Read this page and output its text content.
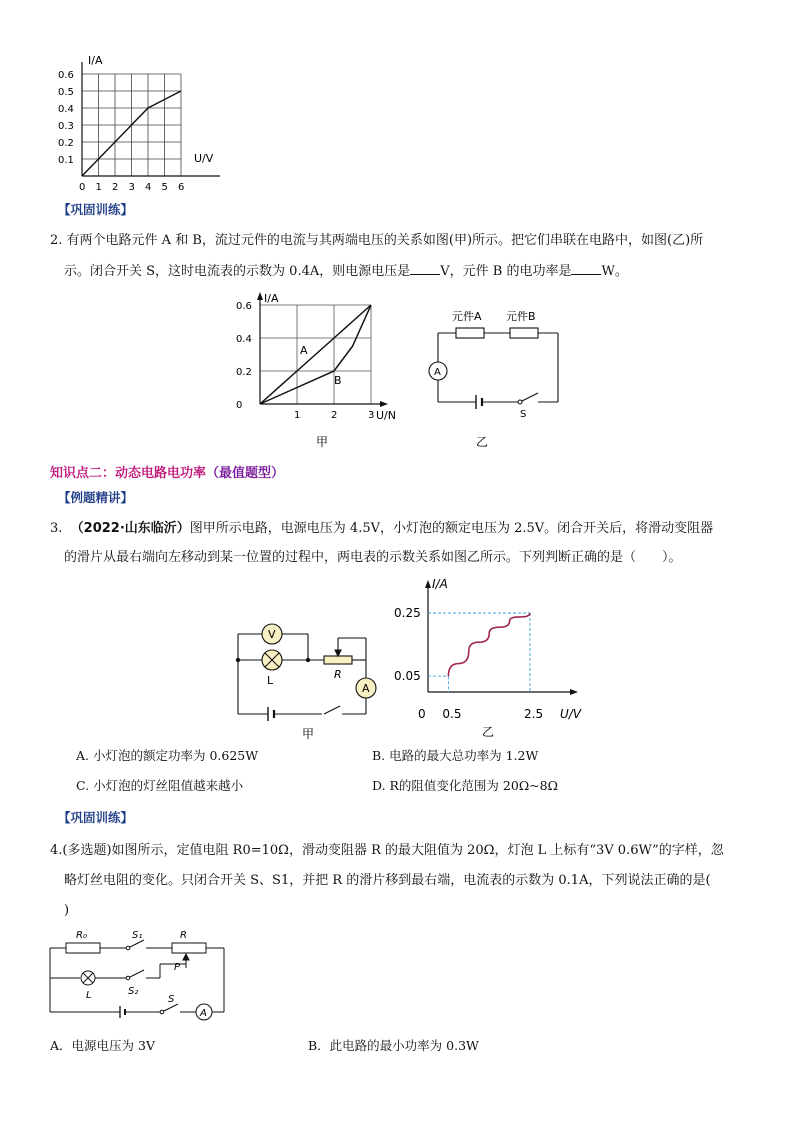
I/A
U/V
0.6
0.5
0.4
0.3
0.2
0.1
0 1 2 3 4 5 6
【巩固训练】
2. 有两个电路元件 A 和 B，流过元件的电流与其两端电压的关系如图(甲)所示。把它们串联在电路中，如图(乙)所
示。闭合开关 S，这时电流表的示数为 0.4A，则电源电压是 V，元件 B 的电功率是 W。
I/A
U/N
A
B
0.6
0.4
0.2
0
1	2	3
甲
A
元件A 元件B
S
乙
知识点二：动态电路电功率（最值题型）
【例题精讲】
3. （2022·山东临沂）图甲所示电路，电源电压为 4.5V，小灯泡的额定电压为 2.5V。闭合开关后，将滑动变阻器
的滑片从最右端向左移动到某一位置的过程中，两电表的示数关系如图乙所示。下列判断正确的是（　　）。
V
L	R
A
甲
I/A
U/V
0.25
0.05
0 0.5	2.5
乙
A. 小灯泡的额定功率为 0.625W	B. 电路的最大总功率为 1.2W
C. 小灯泡的灯丝阻值越来越小	D. R的阻值变化范围为 20Ω~8Ω
【巩固训练】
4.(多选题)如图所示，定值电阻 R0=10Ω，滑动变阻器 R 的最大阻值为 20Ω，灯泡 L 上标有“3V 0.6W”的字样，忽
略灯丝电阻的变化。只闭合开关 S、S1，并把 R 的滑片移到最右端，电流表的示数为 0.1A，下列说法正确的是(
)
R₀	S₁	R
P
L	S₂
S
A
A．电源电压为 3V	B．此电路的最小功率为 0.3W
